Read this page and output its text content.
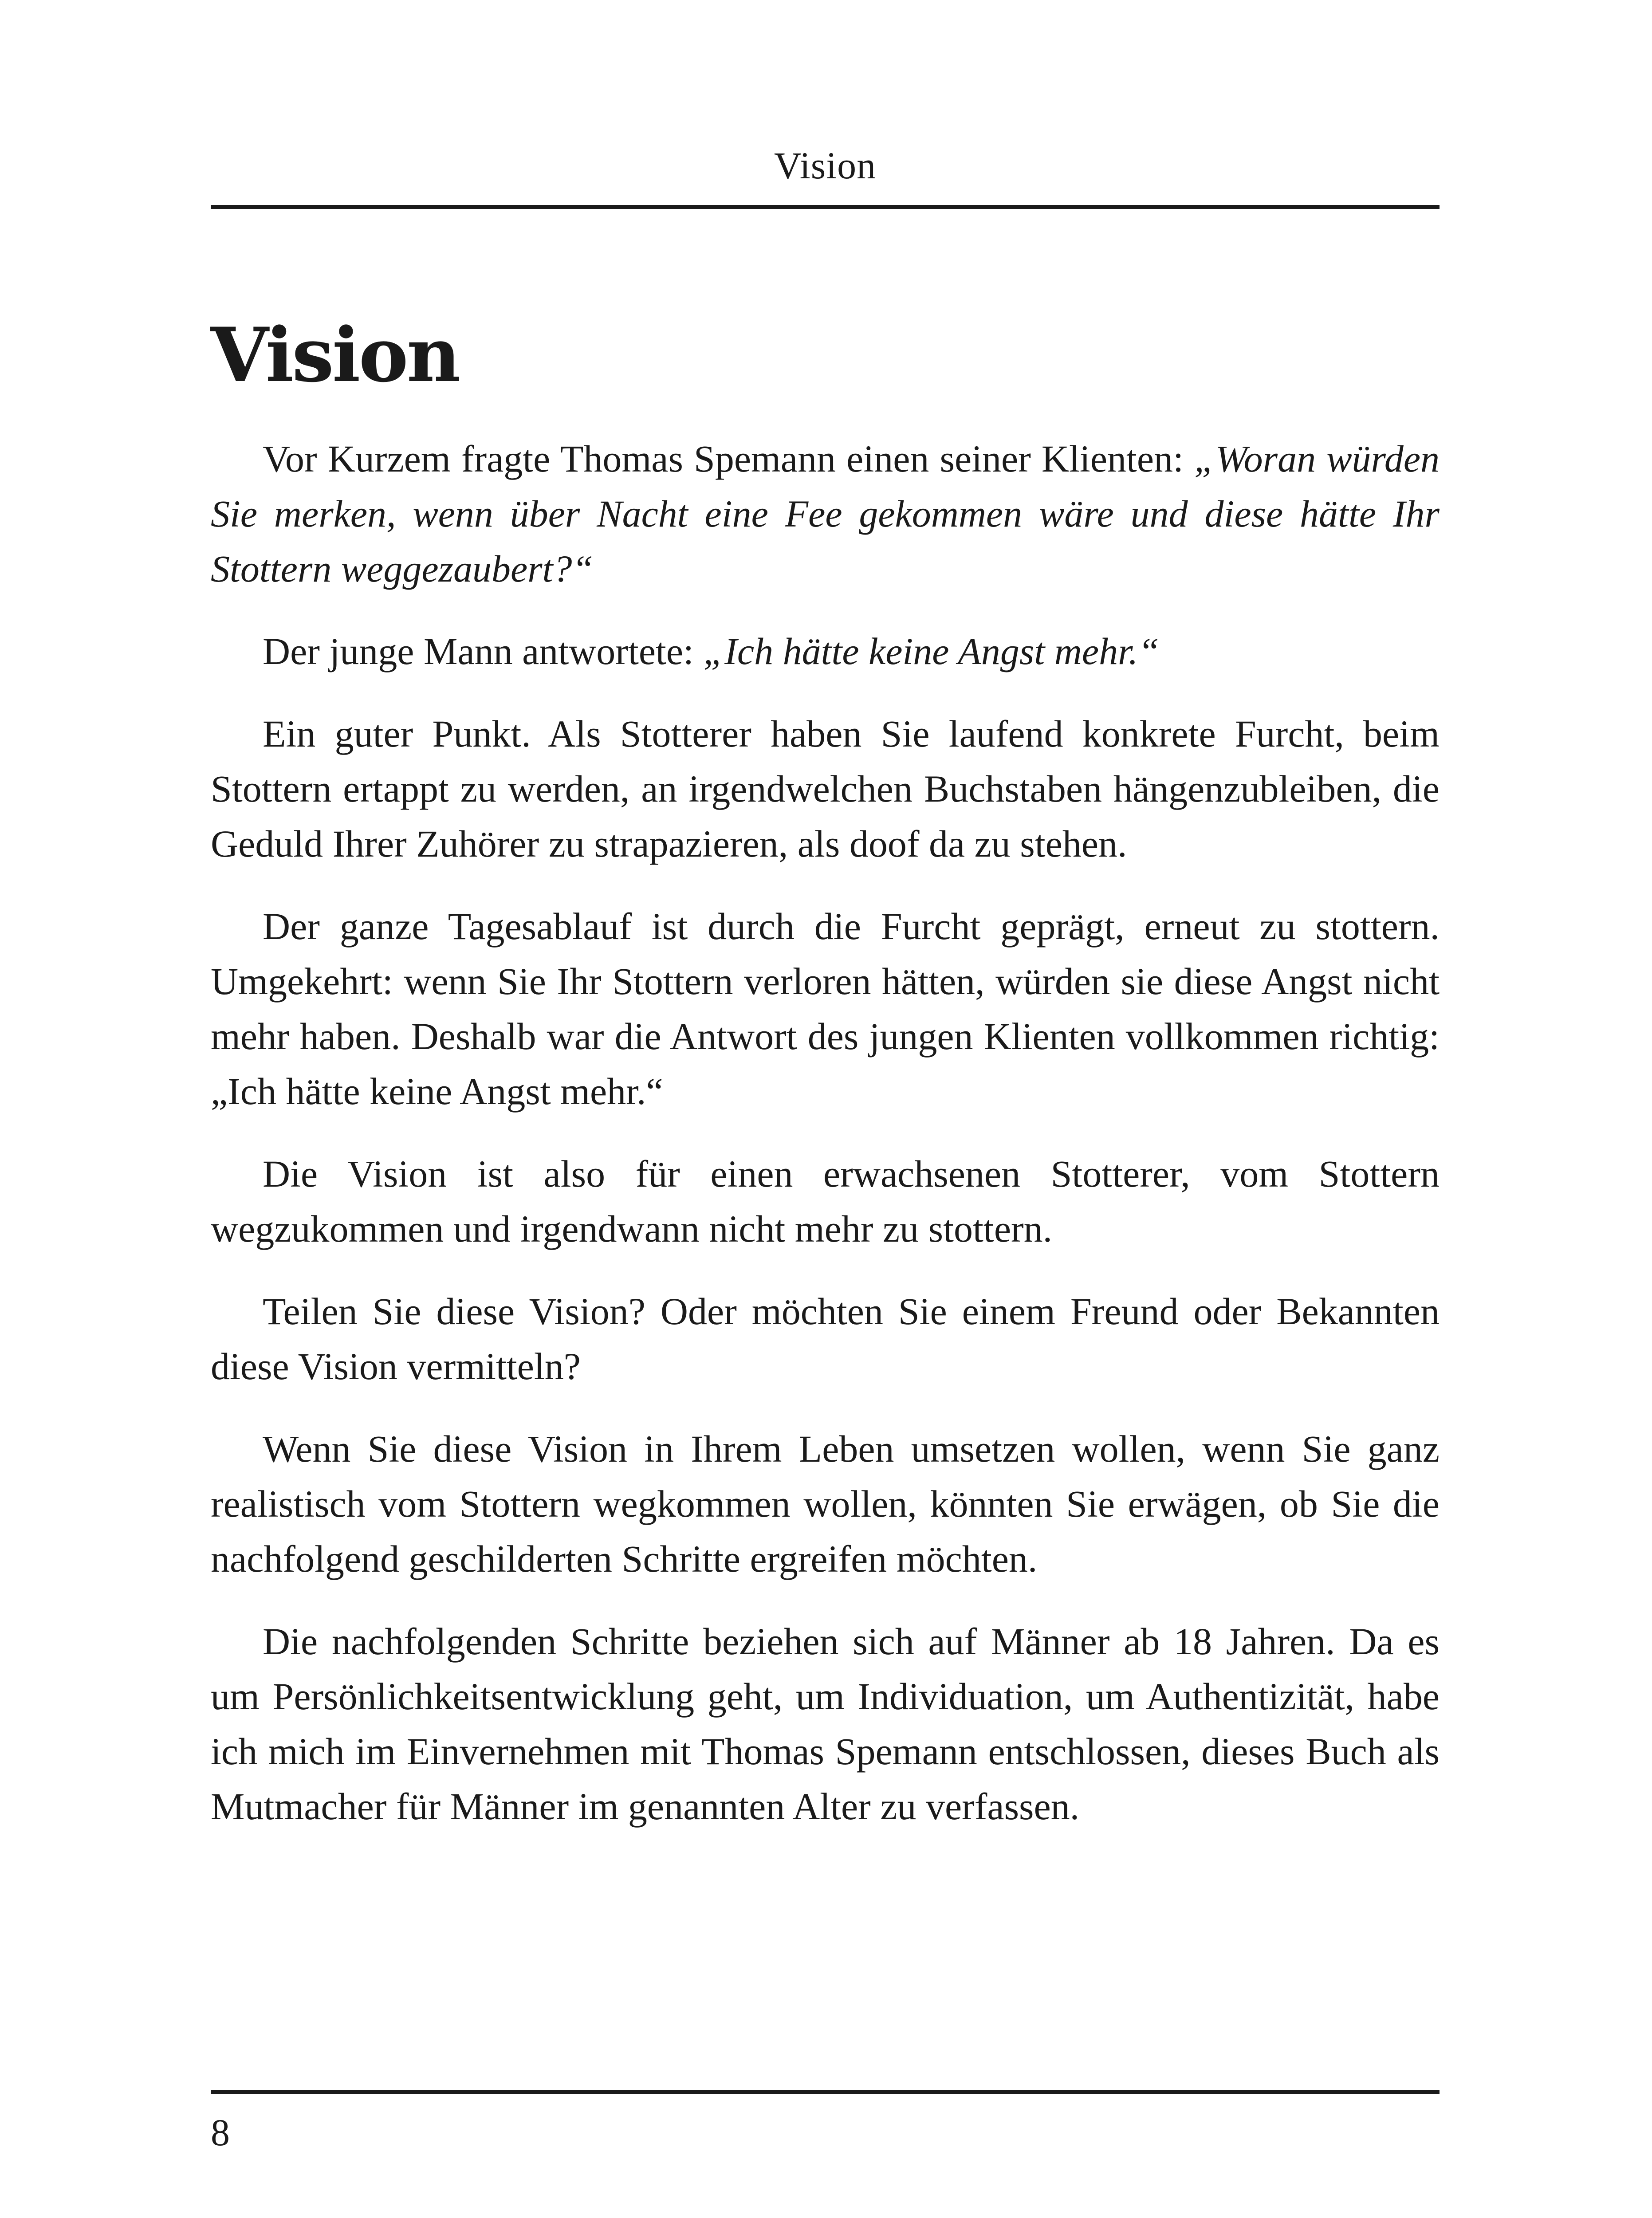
Vision
Vision

Vor Kurzem fragte Thomas Spemann einen seiner Klienten: „Woran würden Sie merken, wenn über Nacht eine Fee gekommen wäre und diese hätte Ihr Stottern weggezaubert?“

Der junge Mann antwortete: „Ich hätte keine Angst mehr.“

Ein guter Punkt. Als Stotterer haben Sie laufend konkrete Furcht, beim Stottern ertappt zu werden, an irgendwelchen Buchstaben hängenzubleiben, die Geduld Ihrer Zuhörer zu strapazieren, als doof da zu stehen.

Der ganze Tagesablauf ist durch die Furcht geprägt, erneut zu stottern. Umgekehrt: wenn Sie Ihr Stottern verloren hätten, würden sie diese Angst nicht mehr haben. Deshalb war die Antwort des jungen Klienten vollkommen richtig: „Ich hätte keine Angst mehr.“

Die Vision ist also für einen erwachsenen Stotterer, vom Stottern wegzukommen und irgendwann nicht mehr zu stottern.

Teilen Sie diese Vision? Oder möchten Sie einem Freund oder Bekannten diese Vision vermitteln?

Wenn Sie diese Vision in Ihrem Leben umsetzen wollen, wenn Sie ganz realistisch vom Stottern wegkommen wollen, könnten Sie erwägen, ob Sie die nachfolgend geschilderten Schritte ergreifen möchten.

Die nachfolgenden Schritte beziehen sich auf Männer ab 18 Jahren. Da es um Persönlichkeitsentwicklung geht, um Individuation, um Authentizität, habe ich mich im Einvernehmen mit Thomas Spemann entschlossen, dieses Buch als Mutmacher für Männer im genannten Alter zu verfassen.

8
